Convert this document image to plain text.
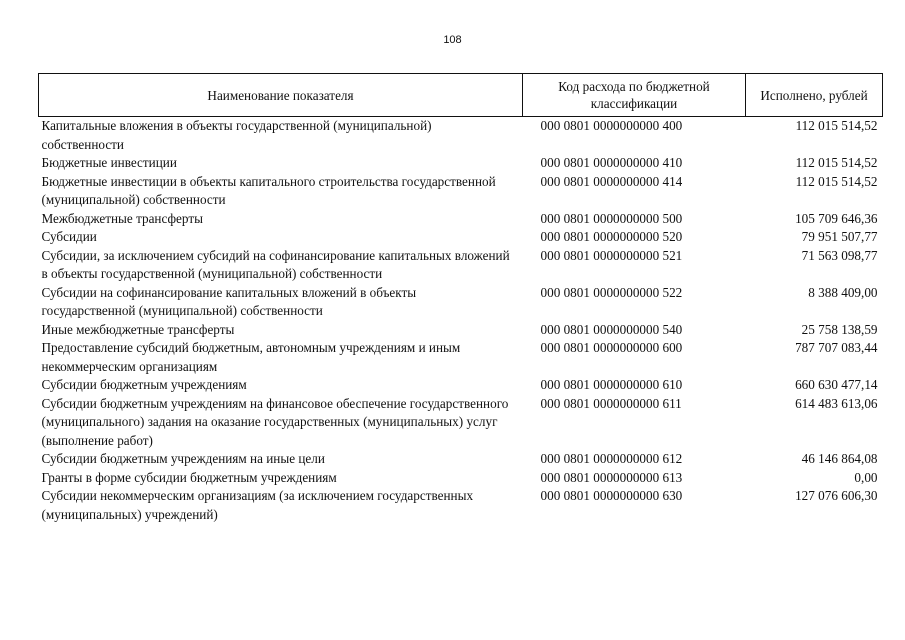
108
Наименование показателя	Код расхода по бюджетной классификации	Исполнено, рублей
Капитальные вложения в объекты государственной (муниципальной) собственности	000 0801 0000000000 400	112 015 514,52
Бюджетные инвестиции	000 0801 0000000000 410	112 015 514,52
Бюджетные инвестиции в объекты капитального строительства государственной (муниципальной) собственности	000 0801 0000000000 414	112 015 514,52
Межбюджетные трансферты	000 0801 0000000000 500	105 709 646,36
Субсидии	000 0801 0000000000 520	79 951 507,77
Субсидии, за исключением субсидий на софинансирование капитальных вложений в объекты государственной (муниципальной) собственности	000 0801 0000000000 521	71 563 098,77
Субсидии на софинансирование капитальных вложений в объекты государственной (муниципальной) собственности	000 0801 0000000000 522	8 388 409,00
Иные межбюджетные трансферты	000 0801 0000000000 540	25 758 138,59
Предоставление субсидий бюджетным, автономным учреждениям и иным некоммерческим организациям	000 0801 0000000000 600	787 707 083,44
Субсидии бюджетным учреждениям	000 0801 0000000000 610	660 630 477,14
Субсидии бюджетным учреждениям на финансовое обеспечение государственного (муниципального) задания на оказание государственных (муниципальных) услуг (выполнение работ)	000 0801 0000000000 611	614 483 613,06
Субсидии бюджетным учреждениям на иные цели	000 0801 0000000000 612	46 146 864,08
Гранты в форме субсидии бюджетным учреждениям	000 0801 0000000000 613	0,00
Субсидии некоммерческим организациям (за исключением государственных (муниципальных) учреждений)	000 0801 0000000000 630	127 076 606,30
